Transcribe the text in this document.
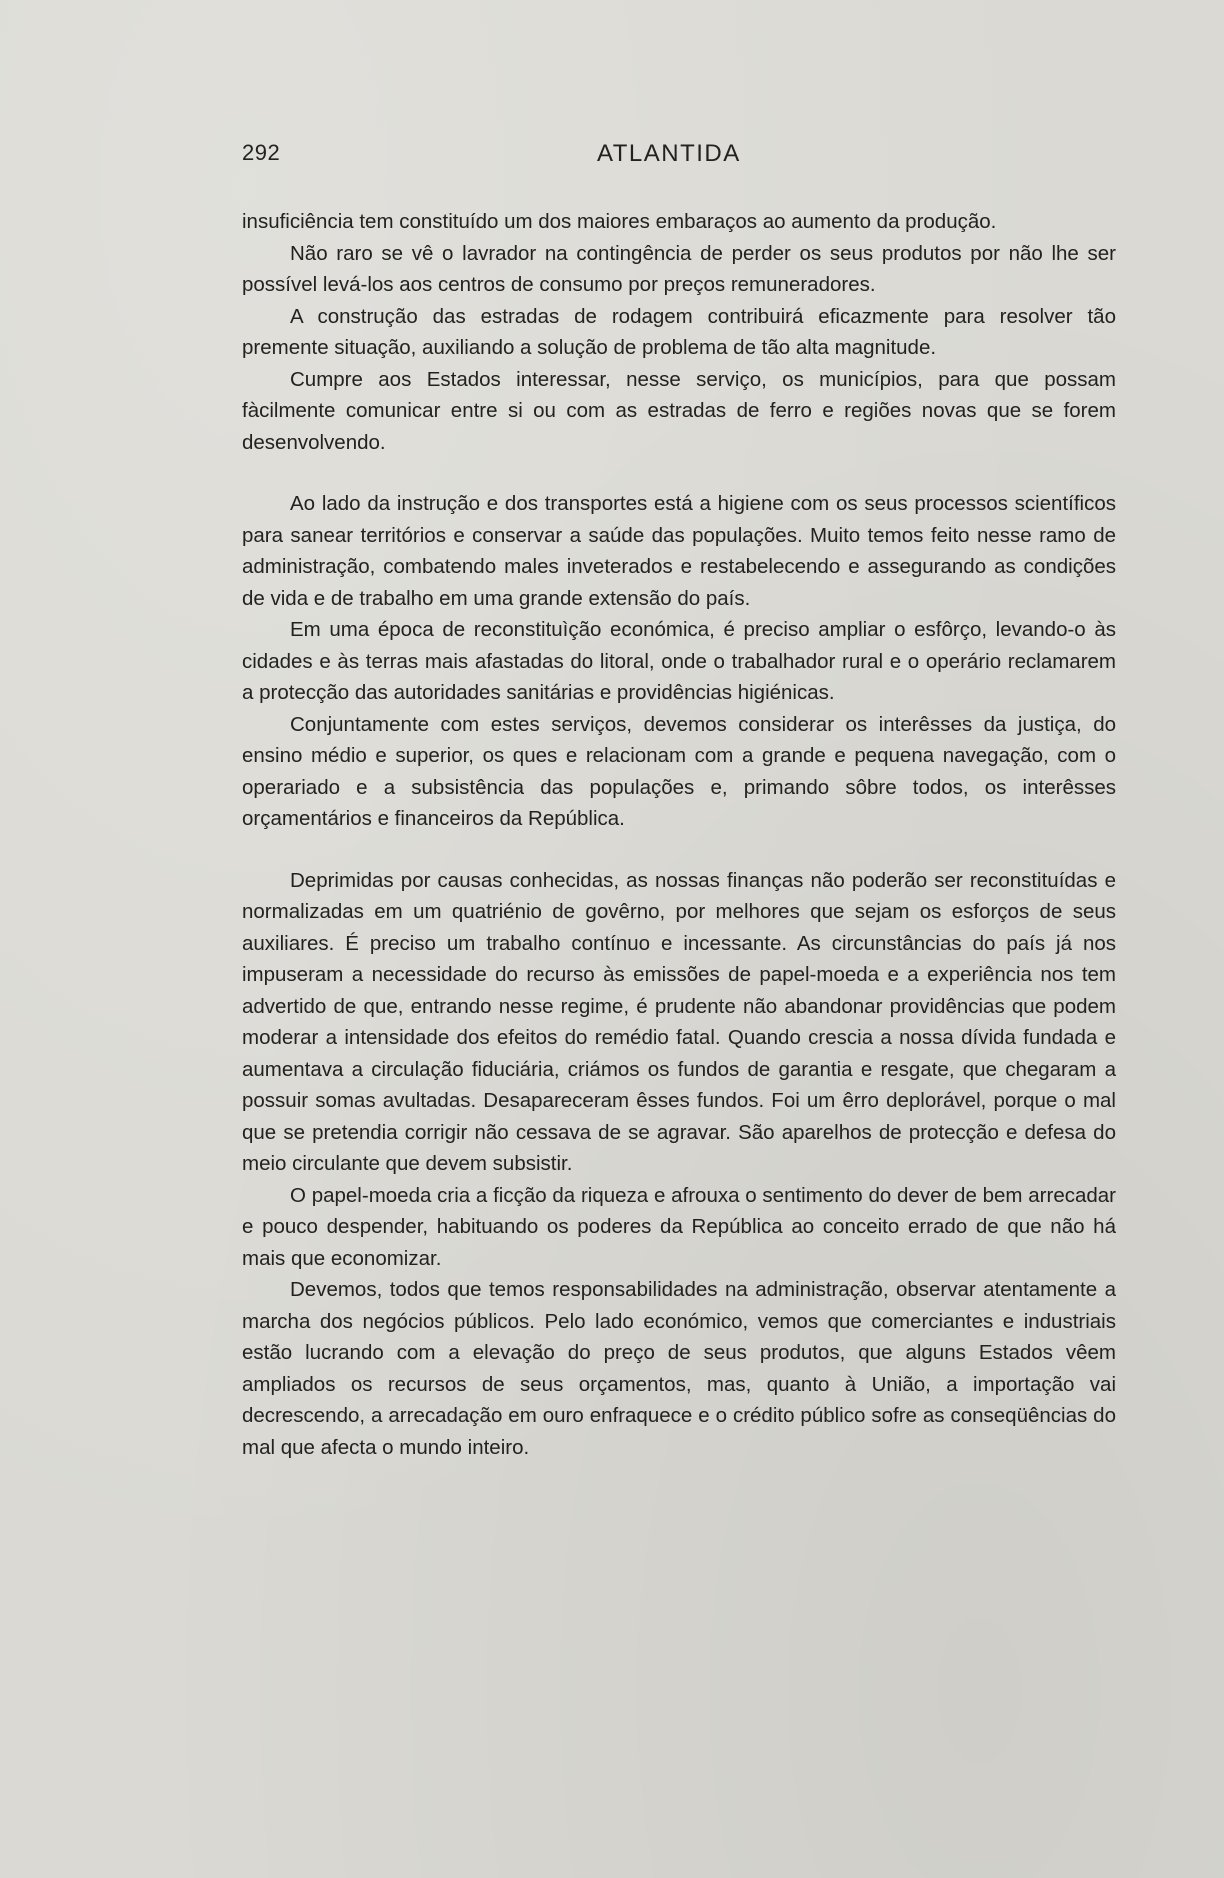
292	ATLANTIDA

insuficiência tem constituído um dos maiores embaraços ao aumento da produção.

Não raro se vê o lavrador na contingência de perder os seus produtos por não lhe ser possível levá-los aos centros de consumo por preços remuneradores.

A construção das estradas de rodagem contribuirá eficazmente para resolver tão premente situação, auxiliando a solução de problema de tão alta magnitude.

Cumpre aos Estados interessar, nesse serviço, os municípios, para que possam fàcilmente comunicar entre si ou com as estradas de ferro e regiões novas que se forem desenvolvendo.

Ao lado da instrução e dos transportes está a higiene com os seus processos scientíficos para sanear territórios e conservar a saúde das populações. Muito temos feito nesse ramo de administração, combatendo males inveterados e restabelecendo e assegurando as condições de vida e de trabalho em uma grande extensão do país.

Em uma época de reconstituìção económica, é preciso ampliar o esfôrço, levando-o às cidades e às terras mais afastadas do litoral, onde o trabalhador rural e o operário reclamarem a protecção das autoridades sanitárias e providências higiénicas.

Conjuntamente com estes serviços, devemos considerar os interêsses da justiça, do ensino médio e superior, os ques e relacionam com a grande e pequena navegação, com o operariado e a subsistência das populações e, primando sôbre todos, os interêsses orçamentários e financeiros da República.

Deprimidas por causas conhecidas, as nossas finanças não poderão ser reconstituídas e normalizadas em um quatriénio de govêrno, por melhores que sejam os esforços de seus auxiliares. É preciso um trabalho contínuo e incessante. As circunstâncias do país já nos impuseram a necessidade do recurso às emissões de papel-moeda e a experiência nos tem advertido de que, entrando nesse regime, é prudente não abandonar providências que podem moderar a intensidade dos efeitos do remédio fatal. Quando crescia a nossa dívida fundada e aumentava a circulação fiduciária, criámos os fundos de garantia e resgate, que chegaram a possuir somas avultadas. Desapareceram êsses fundos. Foi um êrro deplorável, porque o mal que se pretendia corrigir não cessava de se agravar. São aparelhos de protecção e defesa do meio circulante que devem subsistir.

O papel-moeda cria a ficção da riqueza e afrouxa o sentimento do dever de bem arrecadar e pouco despender, habituando os poderes da República ao conceito errado de que não há mais que economizar.

Devemos, todos que temos responsabilidades na administração, observar atentamente a marcha dos negócios públicos. Pelo lado económico, vemos que comerciantes e industriais estão lucrando com a elevação do preço de seus produtos, que alguns Estados vêem ampliados os recursos de seus orçamentos, mas, quanto à União, a importação vai decrescendo, a arrecadação em ouro enfraquece e o crédito público sofre as conseqüências do mal que afecta o mundo inteiro.
